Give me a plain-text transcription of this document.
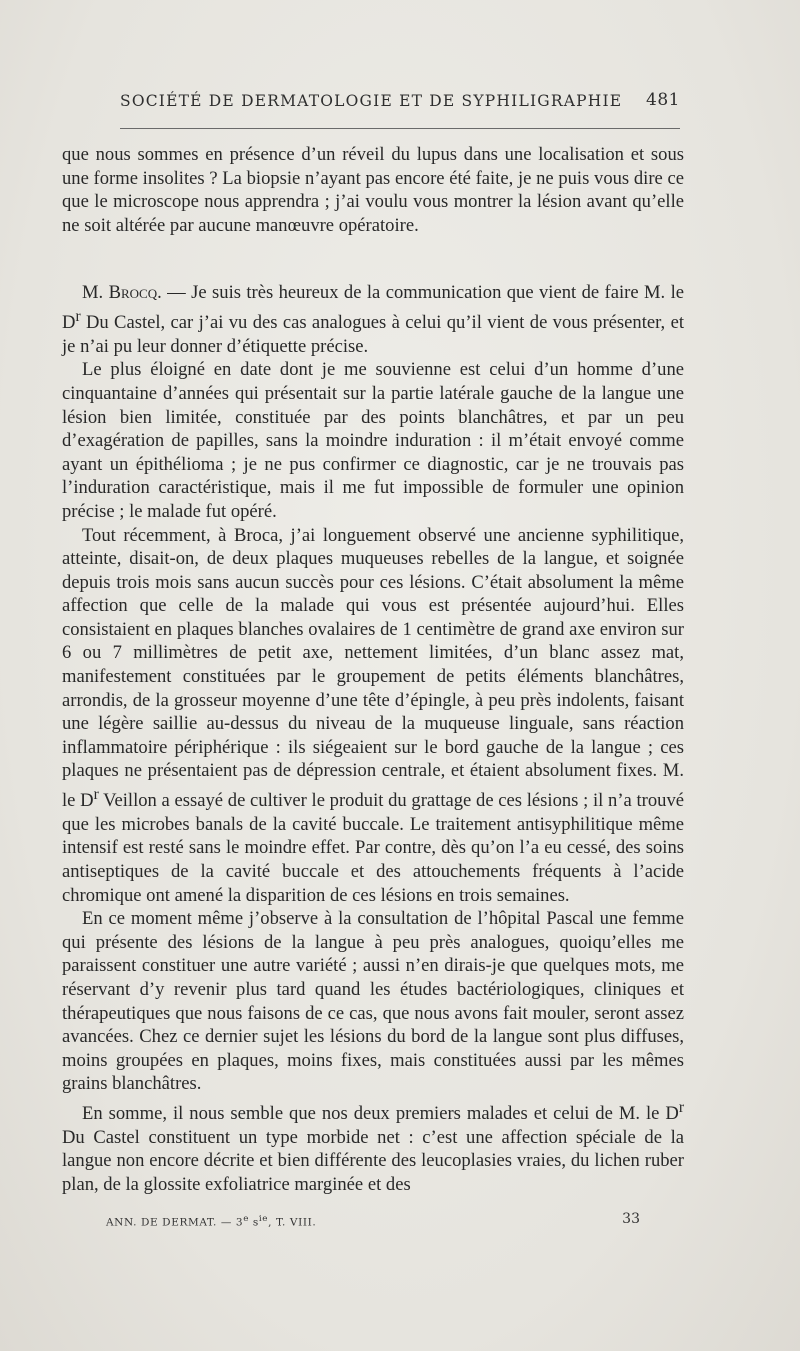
SOCIÉTÉ DE DERMATOLOGIE ET DE SYPHILIGRAPHIE 481

que nous sommes en présence d’un réveil du lupus dans une localisation et sous une forme insolites ? La biopsie n’ayant pas encore été faite, je ne puis vous dire ce que le microscope nous apprendra ; j’ai voulu vous montrer la lésion avant qu’elle ne soit altérée par aucune manœuvre opératoire.

M. Brocq. — Je suis très heureux de la communication que vient de faire M. le $D^r$ Du Castel, car j’ai vu des cas analogues à celui qu’il vient de vous présenter, et je n’ai pu leur donner d’étiquette précise.

Le plus éloigné en date dont je me souvienne est celui d’un homme d’une cinquantaine d’années qui présentait sur la partie latérale gauche de la langue une lésion bien limitée, constituée par des points blanchâtres, et par un peu d’exagération de papilles, sans la moindre induration : il m’était envoyé comme ayant un épithélioma ; je ne pus confirmer ce diagnostic, car je ne trouvais pas l’induration caractéristique, mais il me fut impossible de formuler une opinion précise ; le malade fut opéré.

Tout récemment, à Broca, j’ai longuement observé une ancienne syphilitique, atteinte, disait-on, de deux plaques muqueuses rebelles de la langue, et soignée depuis trois mois sans aucun succès pour ces lésions. C’était absolument la même affection que celle de la malade qui vous est présentée aujourd’hui. Elles consistaient en plaques blanches ovalaires de 1 centimètre de grand axe environ sur 6 ou 7 millimètres de petit axe, nettement limitées, d’un blanc assez mat, manifestement constituées par le groupement de petits éléments blanchâtres, arrondis, de la grosseur moyenne d’une tête d’épingle, à peu près indolents, faisant une légère saillie au-dessus du niveau de la muqueuse linguale, sans réaction inflammatoire périphérique : ils siégeaient sur le bord gauche de la langue ; ces plaques ne présentaient pas de dépression centrale, et étaient absolument fixes. M. le $D^r$ Veillon a essayé de cultiver le produit du grattage de ces lésions ; il n’a trouvé que les microbes banals de la cavité buccale. Le traitement antisyphilitique même intensif est resté sans le moindre effet. Par contre, dès qu’on l’a eu cessé, des soins antiseptiques de la cavité buccale et des attouchements fréquents à l’acide chromique ont amené la disparition de ces lésions en trois semaines.

En ce moment même j’observe à la consultation de l’hôpital Pascal une femme qui présente des lésions de la langue à peu près analogues, quoiqu’elles me paraissent constituer une autre variété ; aussi n’en dirais-je que quelques mots, me réservant d’y revenir plus tard quand les études bactériologiques, cliniques et thérapeutiques que nous faisons de ce cas, que nous avons fait mouler, seront assez avancées. Chez ce dernier sujet les lésions du bord de la langue sont plus diffuses, moins groupées en plaques, moins fixes, mais constituées aussi par les mêmes grains blanchâtres.

En somme, il nous semble que nos deux premiers malades et celui de M. le $D^r$ Du Castel constituent un type morbide net : c’est une affection spéciale de la langue non encore décrite et bien différente des leucoplasies vraies, du lichen ruber plan, de la glossite exfoliatrice marginée et des

ANN. DE DERMAT. — 3e $s^{ie}$, T. VIII.	33
